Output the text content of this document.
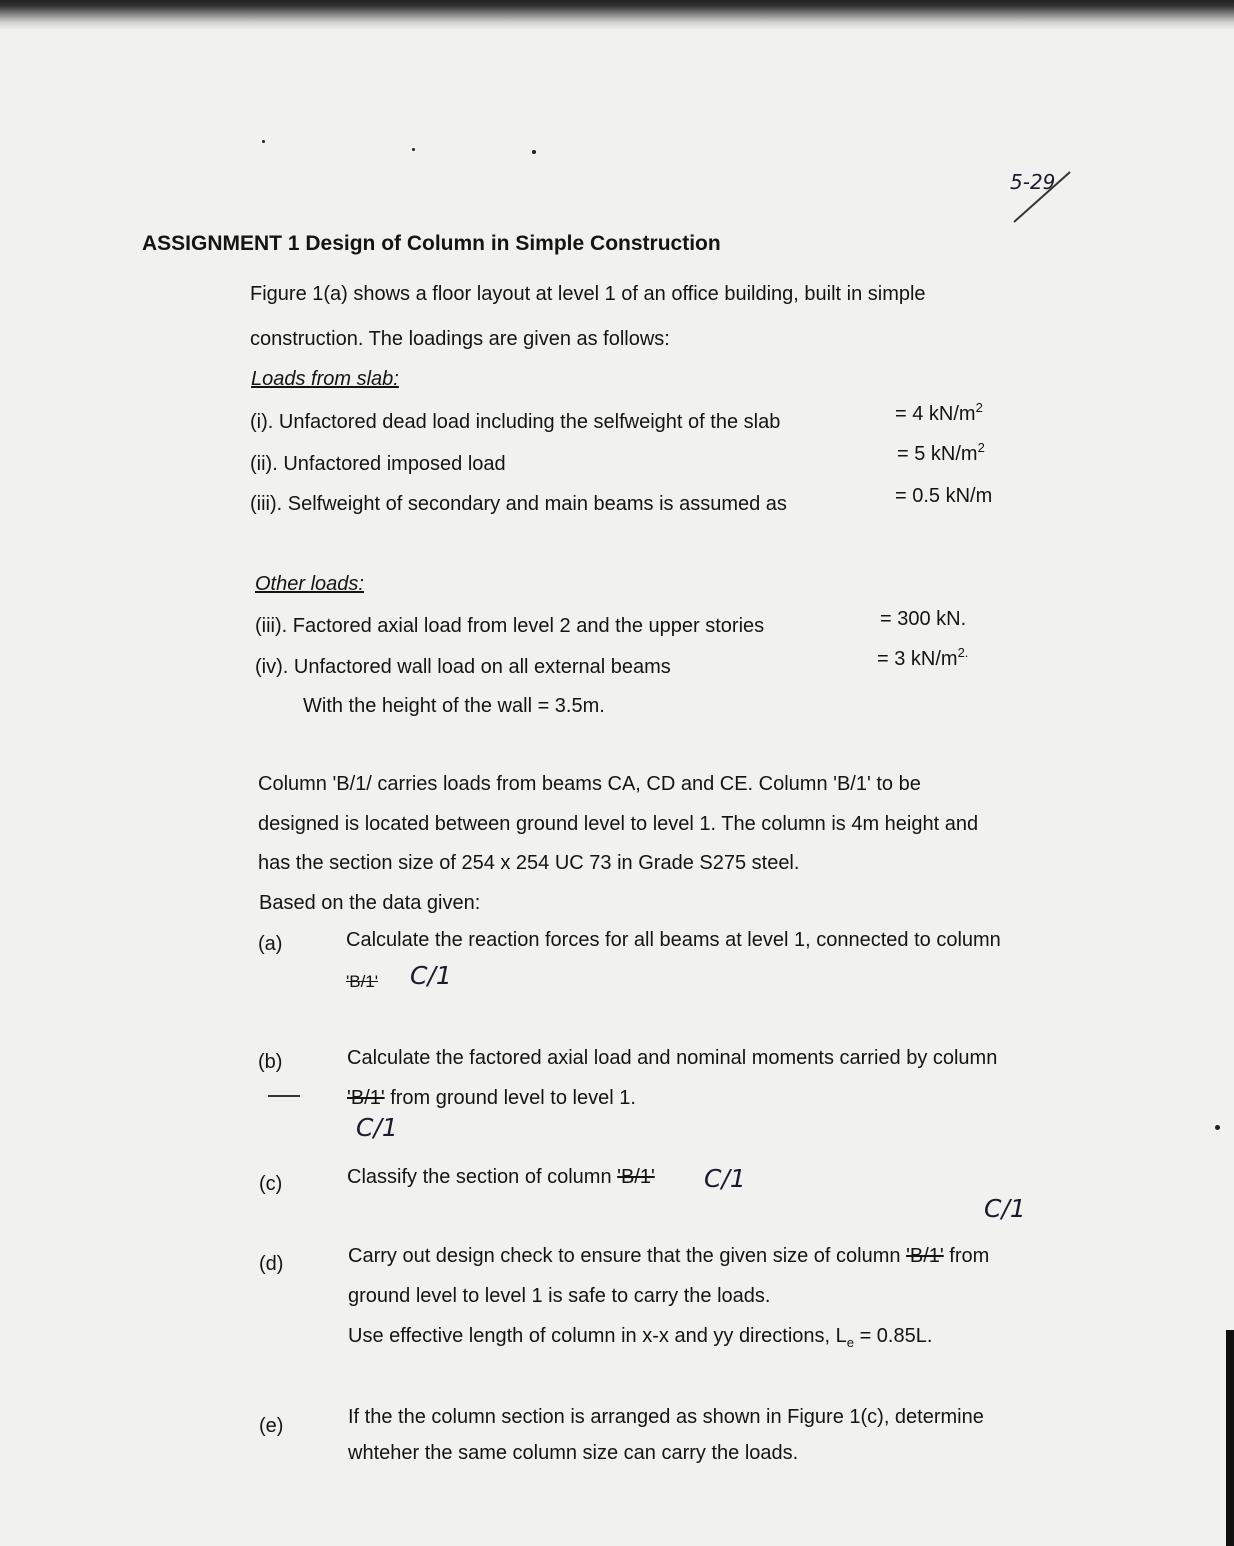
5-29
ASSIGNMENT 1 Design of Column in Simple Construction
Figure 1(a) shows a floor layout at level 1 of an office building, built in simple
construction. The loadings are given as follows:
Loads from slab:
(i). Unfactored dead load including the selfweight of the slab	= 4 $kN/m^2$
(ii). Unfactored imposed load	= 5 $kN/m^2$
(iii). Selfweight of secondary and main beams is assumed as	= 0.5 kN/m
Other loads:
(iii). Factored axial load from level 2 and the upper stories	= 300 kN.
(iv). Unfactored wall load on all external beams	= 3 $kN/m^{2.}$
With the height of the wall = 3.5m.
Column 'B/1/ carries loads from beams CA, CD and CE. Column 'B/1' to be
designed is located between ground level to level 1. The column is 4m height and
has the section size of 254 x 254 UC 73 in Grade S275 steel.
Based on the data given:
(a)	Calculate the reaction forces for all beams at level 1, connected to column
'B/1' C/1
(b)	Calculate the factored axial load and nominal moments carried by column
'B/1' from ground level to level 1.
C/1
(c)	Classify the section of column 'B/1' C/1
C/1
(d)	Carry out design check to ensure that the given size of column 'B/1' from
ground level to level 1 is safe to carry the loads.
Use effective length of column in x-x and yy directions, $L_e = 0.85L$.
(e)	If the the column section is arranged as shown in Figure 1(c), determine
whteher the same column size can carry the loads.
